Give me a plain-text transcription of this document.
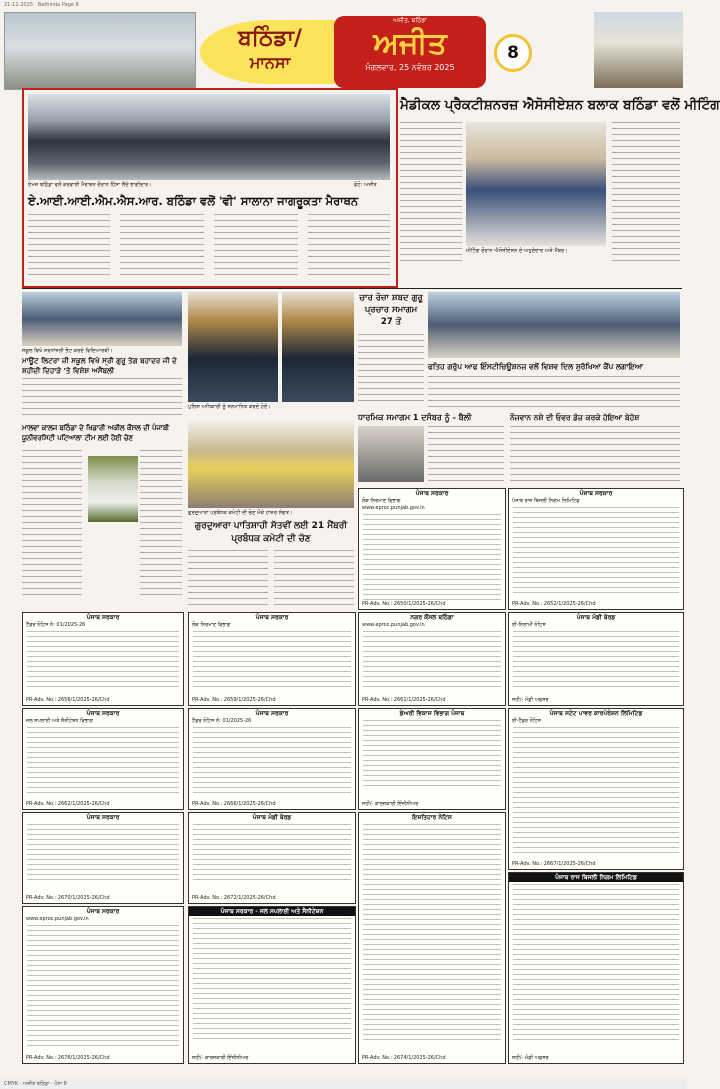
21-11-2025 · Bathinda Page 8
ਬਠਿੰਡਾ/
ਮਾਨਸਾ
ਅਜੀਤ, ਬਠਿੰਡਾ
ਅਜੀਤ
ਮੰਗਲਵਾਰ, 25 ਨਵੰਬਰ 2025
8
ਏਮਜ਼ ਬਠਿੰਡਾ ਵਲੋਂ ਕਰਵਾਈ ਮੈਰਾਥਨ ਦੌਰਾਨ ਹਿੱਸਾ ਲੈਂਦੇ ਭਾਗੀਦਾਰ।	ਫੋਟੋ: ਅਜੀਤ
ਏ.ਆਈ.ਆਈ.ਐਮ.ਐਸ.ਆਰ. ਬਠਿੰਡਾ ਵਲੋਂ 'ਵੀ' ਸਾਲਾਨਾ ਜਾਗਰੂਕਤਾ ਮੈਰਾਥਨ
ਮੈਡੀਕਲ ਪ੍ਰੈਕਟੀਸ਼ਨਰਜ਼ ਐਸੋਸੀਏਸ਼ਨ ਬਲਾਕ ਬਠਿੰਡਾ ਵਲੋਂ ਮੀਟਿੰਗ
ਮੀਟਿੰਗ ਦੌਰਾਨ ਐਸੋਸੀਏਸ਼ਨ ਦੇ ਅਹੁਦੇਦਾਰ ਅਤੇ ਮੈਂਬਰ।
ਸਕੂਲ ਵਿਖੇ ਸ਼ਰਧਾਂਜਲੀ ਭੇਟ ਕਰਦੇ ਵਿਦਿਆਰਥੀ।
ਮਾਊਂਟ ਲਿਟਰਾ ਜ਼ੀ ਸਕੂਲ ਵਿਖੇ ਸ੍ਰੀ ਗੁਰੂ ਤੇਗ ਬਹਾਦਰ ਜੀ ਦੇ ਸ਼ਹੀਦੀ ਦਿਹਾੜੇ 'ਤੇ ਵਿਸ਼ੇਸ਼ ਅਸੈਂਬਲੀ
ਪੁਲਿਸ ਅਧਿਕਾਰੀ ਨੂੰ ਸਨਮਾਨਿਤ ਕਰਦੇ ਹੋਏ।
ਚਾਰ ਰੋਜ਼ਾ ਸ਼ਬਦ ਗੁਰੂ ਪ੍ਰਚਾਰ ਸਮਾਗਮ 27 ਤੋਂ
ਫਤਿਹ ਗਰੁੱਪ ਆਫ ਇੰਸਟੀਚਿਊਸ਼ਨਜ਼ ਵਲੋਂ ਵਿਸ਼ਵ ਦਿਲ ਸੁਰੱਖਿਆ ਕੈਂਪ ਲਗਾਇਆ
ਮਾਲਵਾ ਕਾਲਜ ਬਠਿੰਡਾ ਦੇ ਖਿਡਾਰੀ ਅਕੀਲ ਕੌਂਸਲ ਦੀ ਪੰਜਾਬੀ ਯੂਨੀਵਰਸਿਟੀ ਪਟਿਆਲਾ ਟੀਮ ਲਈ ਹੋਈ ਚੋਣ
ਗੁਰਦੁਆਰਾ ਪ੍ਰਬੰਧਕ ਕਮੇਟੀ ਦੀ ਚੋਣ ਮੌਕੇ ਹਾਜ਼ਰ ਸੰਗਤ।
ਗੁਰਦੁਆਰਾ ਪਾਤਿਸ਼ਾਹੀ ਸੱਤਵੀਂ ਲਈ 21 ਮੈਂਬਰੀ ਪ੍ਰਬੰਧਕ ਕਮੇਟੀ ਦੀ ਚੋਣ
ਧਾਰਮਿਕ ਸਮਾਗਮ 1 ਦਸੰਬਰ ਨੂੰ - ਬੈਲੀ	ਨੌਜਵਾਨ ਨਸ਼ੇ ਦੀ ਓਵਰ ਡੋਜ਼ ਕਰਕੇ ਹੋਇਆ ਬੇਹੋਸ਼
ਪੰਜਾਬ ਸਰਕਾਰ
ਲੋਕ ਨਿਰਮਾਣ ਵਿਭਾਗ
www.eproc.punjab.gov.in
PR-Adv. No.: 2650/1/2025-26/Chd
ਪੰਜਾਬ ਸਰਕਾਰ
ਪੰਜਾਬ ਰਾਜ ਬਿਜਲੀ ਨਿਗਮ ਲਿਮਿਟਿਡ
PR-Adv. No.: 2652/1/2025-26/Chd
ਪੰਜਾਬ ਸਰਕਾਰ
ਟੈਂਡਰ ਨੋਟਿਸ ਨੰ: 01/2025-26
PR-Adv. No.: 2656/1/2025-26/Chd
ਪੰਜਾਬ ਸਰਕਾਰ
ਲੋਕ ਨਿਰਮਾਣ ਵਿਭਾਗ
PR-Adv. No.: 2659/1/2025-26/Chd
ਨਗਰ ਕੌਂਸਲ ਬਠਿੰਡਾ
www.eproc.punjab.gov.in
PR-Adv. No.: 2661/1/2025-26/Chd
ਪੰਜਾਬ ਮੰਡੀ ਬੋਰਡ
ਈ-ਨਿਲਾਮੀ ਨੋਟਿਸ
ਸਹੀ/- ਮੰਡੀ ਅਫ਼ਸਰ
ਪੰਜਾਬ ਸਰਕਾਰ
ਜਲ ਸਪਲਾਈ ਅਤੇ ਸੈਨੀਟੇਸ਼ਨ ਵਿਭਾਗ
PR-Adv. No.: 2662/1/2025-26/Chd
ਪੰਜਾਬ ਸਰਕਾਰ
ਟੈਂਡਰ ਨੋਟਿਸ ਨੰ: 01/2025-26
PR-Adv. No.: 2666/1/2025-26/Chd
ਡੇਅਰੀ ਵਿਕਾਸ ਵਿਭਾਗ ਪੰਜਾਬ
ਸਹੀ/- ਕਾਰਜਕਾਰੀ ਇੰਜੀਨੀਅਰ
ਪੰਜਾਬ ਸਟੇਟ ਪਾਵਰ ਕਾਰਪੋਰੇਸ਼ਨ ਲਿਮਿਟਿਡ
ਈ-ਟੈਂਡਰ ਨੋਟਿਸ
PR-Adv. No.: 2667/1/2025-26/Chd
ਪੰਜਾਬ ਸਰਕਾਰ
PR-Adv. No.: 2670/1/2025-26/Chd
ਪੰਜਾਬ ਮੰਡੀ ਬੋਰਡ
PR-Adv. No.: 2672/1/2025-26/Chd
ਇਸ਼ਤਿਹਾਰ ਨੋਟਿਸ
PR-Adv. No.: 2674/1/2025-26/Chd
ਪੰਜਾਬ ਸਰਕਾਰ
www.eproc.punjab.gov.in
PR-Adv. No.: 2676/1/2025-26/Chd
ਪੰਜਾਬ ਸਰਕਾਰ - ਜਲ ਸਪਲਾਈ ਅਤੇ ਸੈਨੀਟੇਸ਼ਨ
ਸਹੀ/- ਕਾਰਜਕਾਰੀ ਇੰਜੀਨੀਅਰ
ਪੰਜਾਬ ਰਾਜ ਬਿਜਲੀ ਨਿਗਮ ਲਿਮਿਟਿਡ
ਸਹੀ/- ਮੰਡੀ ਅਫ਼ਸਰ
CMYK · ਅਜੀਤ ਬਠਿੰਡਾ · ਪੰਨਾ 8
